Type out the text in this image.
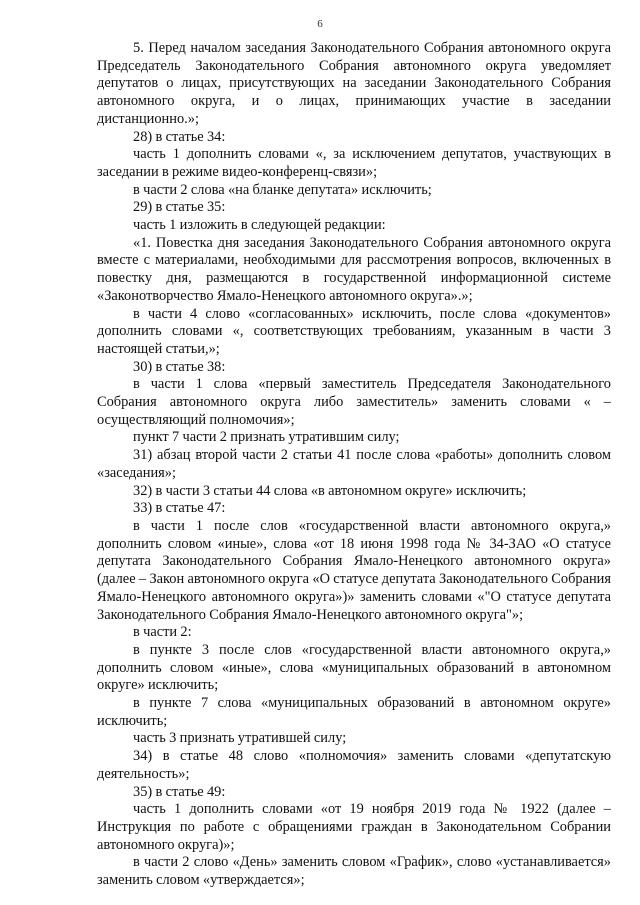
6

5. Перед началом заседания Законодательного Собрания автономного округа Председатель Законодательного Собрания автономного округа уведомляет депутатов о лицах, присутствующих на заседании Законодательного Собрания автономного округа, и о лицах, принимающих участие в заседании дистанционно.»;

28) в статье 34:

часть 1 дополнить словами «, за исключением депутатов, участвующих в заседании в режиме видео-конференц-связи»;

в части 2 слова «на бланке депутата» исключить;

29) в статье 35:

часть 1 изложить в следующей редакции:

«1. Повестка дня заседания Законодательного Собрания автономного округа вместе с материалами, необходимыми для рассмотрения вопросов, включенных в повестку дня, размещаются в государственной информационной системе «Законотворчество Ямало-Ненецкого автономного округа».»;

в части 4 слово «согласованных» исключить, после слова «документов» дополнить словами «, соответствующих требованиям, указанным в части 3 настоящей статьи,»;

30) в статье 38:

в части 1 слова «первый заместитель Председателя Законодательного Собрания автономного округа либо заместитель» заменить словами « – осуществляющий полномочия»;

пункт 7 части 2 признать утратившим силу;

31) абзац второй части 2 статьи 41 после слова «работы» дополнить словом «заседания»;

32) в части 3 статьи 44 слова «в автономном округе» исключить;

33) в статье 47:

в части 1 после слов «государственной власти автономного округа,» дополнить словом «иные», слова «от 18 июня 1998 года № 34-ЗАО «О статусе депутата Законодательного Собрания Ямало-Ненецкого автономного округа» (далее – Закон автономного округа «О статусе депутата Законодательного Собрания Ямало-Ненецкого автономного округа»)» заменить словами «"О статусе депутата Законодательного Собрания Ямало-Ненецкого автономного округа"»;

в части 2:

в пункте 3 после слов «государственной власти автономного округа,» дополнить словом «иные», слова «муниципальных образований в автономном округе» исключить;

в пункте 7 слова «муниципальных образований в автономном округе» исключить;

часть 3 признать утратившей силу;

34) в статье 48 слово «полномочия» заменить словами «депутатскую деятельность»;

35) в статье 49:

часть 1 дополнить словами «от 19 ноября 2019 года № 1922 (далее – Инструкция по работе с обращениями граждан в Законодательном Собрании автономного округа)»;

в части 2 слово «День» заменить словом «График», слово «устанавливается» заменить словом «утверждается»;
